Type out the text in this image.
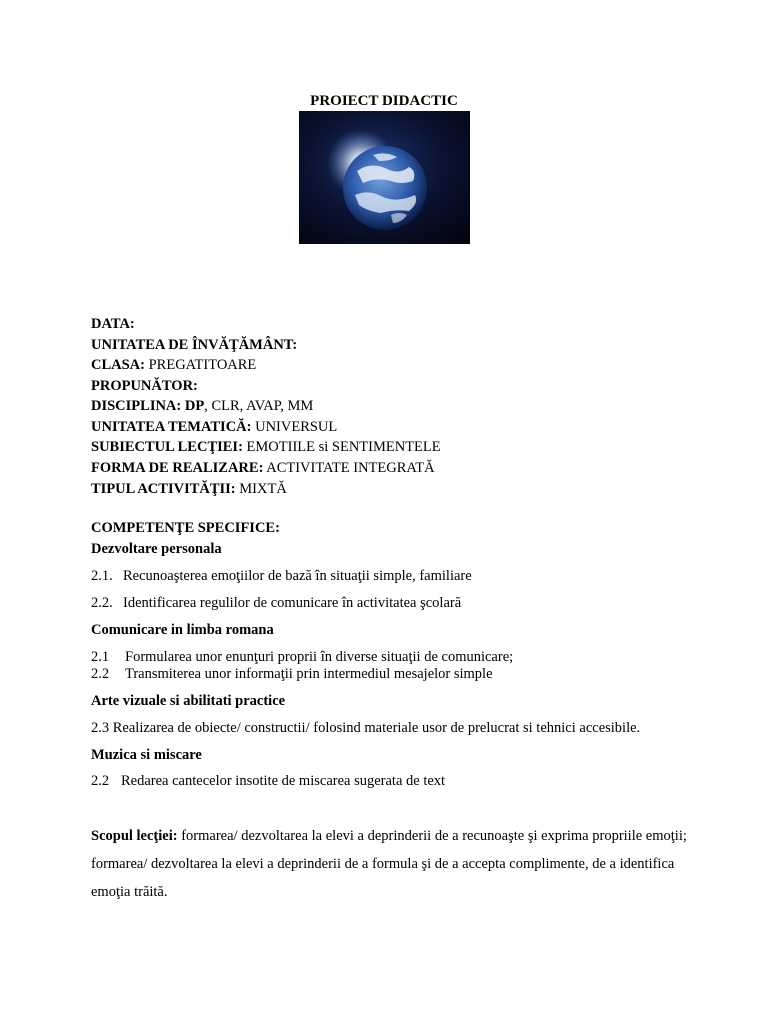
PROIECT DIDACTIC
DATA:
UNITATEA DE ÎNVĂŢĂMÂNT:
CLASA: PREGATITOARE
PROPUNĂTOR:
DISCIPLINA: DP, CLR, AVAP, MM
UNITATEA TEMATICĂ: UNIVERSUL
SUBIECTUL LECŢIEI: EMOTIILE si SENTIMENTELE
FORMA DE REALIZARE: ACTIVITATE INTEGRATĂ
TIPUL ACTIVITĂŢII: MIXTĂ
COMPETENŢE SPECIFICE:
Dezvoltare personala
2.1. Recunoaşterea emoţiilor de bază în situaţii simple, familiare
2.2. Identificarea regulilor de comunicare în activitatea şcolară
Comunicare in limba romana
2.1 Formularea unor enunţuri proprii în diverse situaţii de comunicare;
2.2 Transmiterea unor informaţii prin intermediul mesajelor simple
Arte vizuale si abilitati practice
2.3 Realizarea de obiecte/ constructii/ folosind materiale usor de prelucrat si tehnici accesibile.
Muzica si miscare
2.2 Redarea cantecelor insotite de miscarea sugerata de text
Scopul lecţiei: formarea/ dezvoltarea la elevi a deprinderii de a recunoaşte şi exprima propriile emoţii; formarea/ dezvoltarea la elevi a deprinderii de a formula şi de a accepta complimente, de a identifica emoţia trăită.
